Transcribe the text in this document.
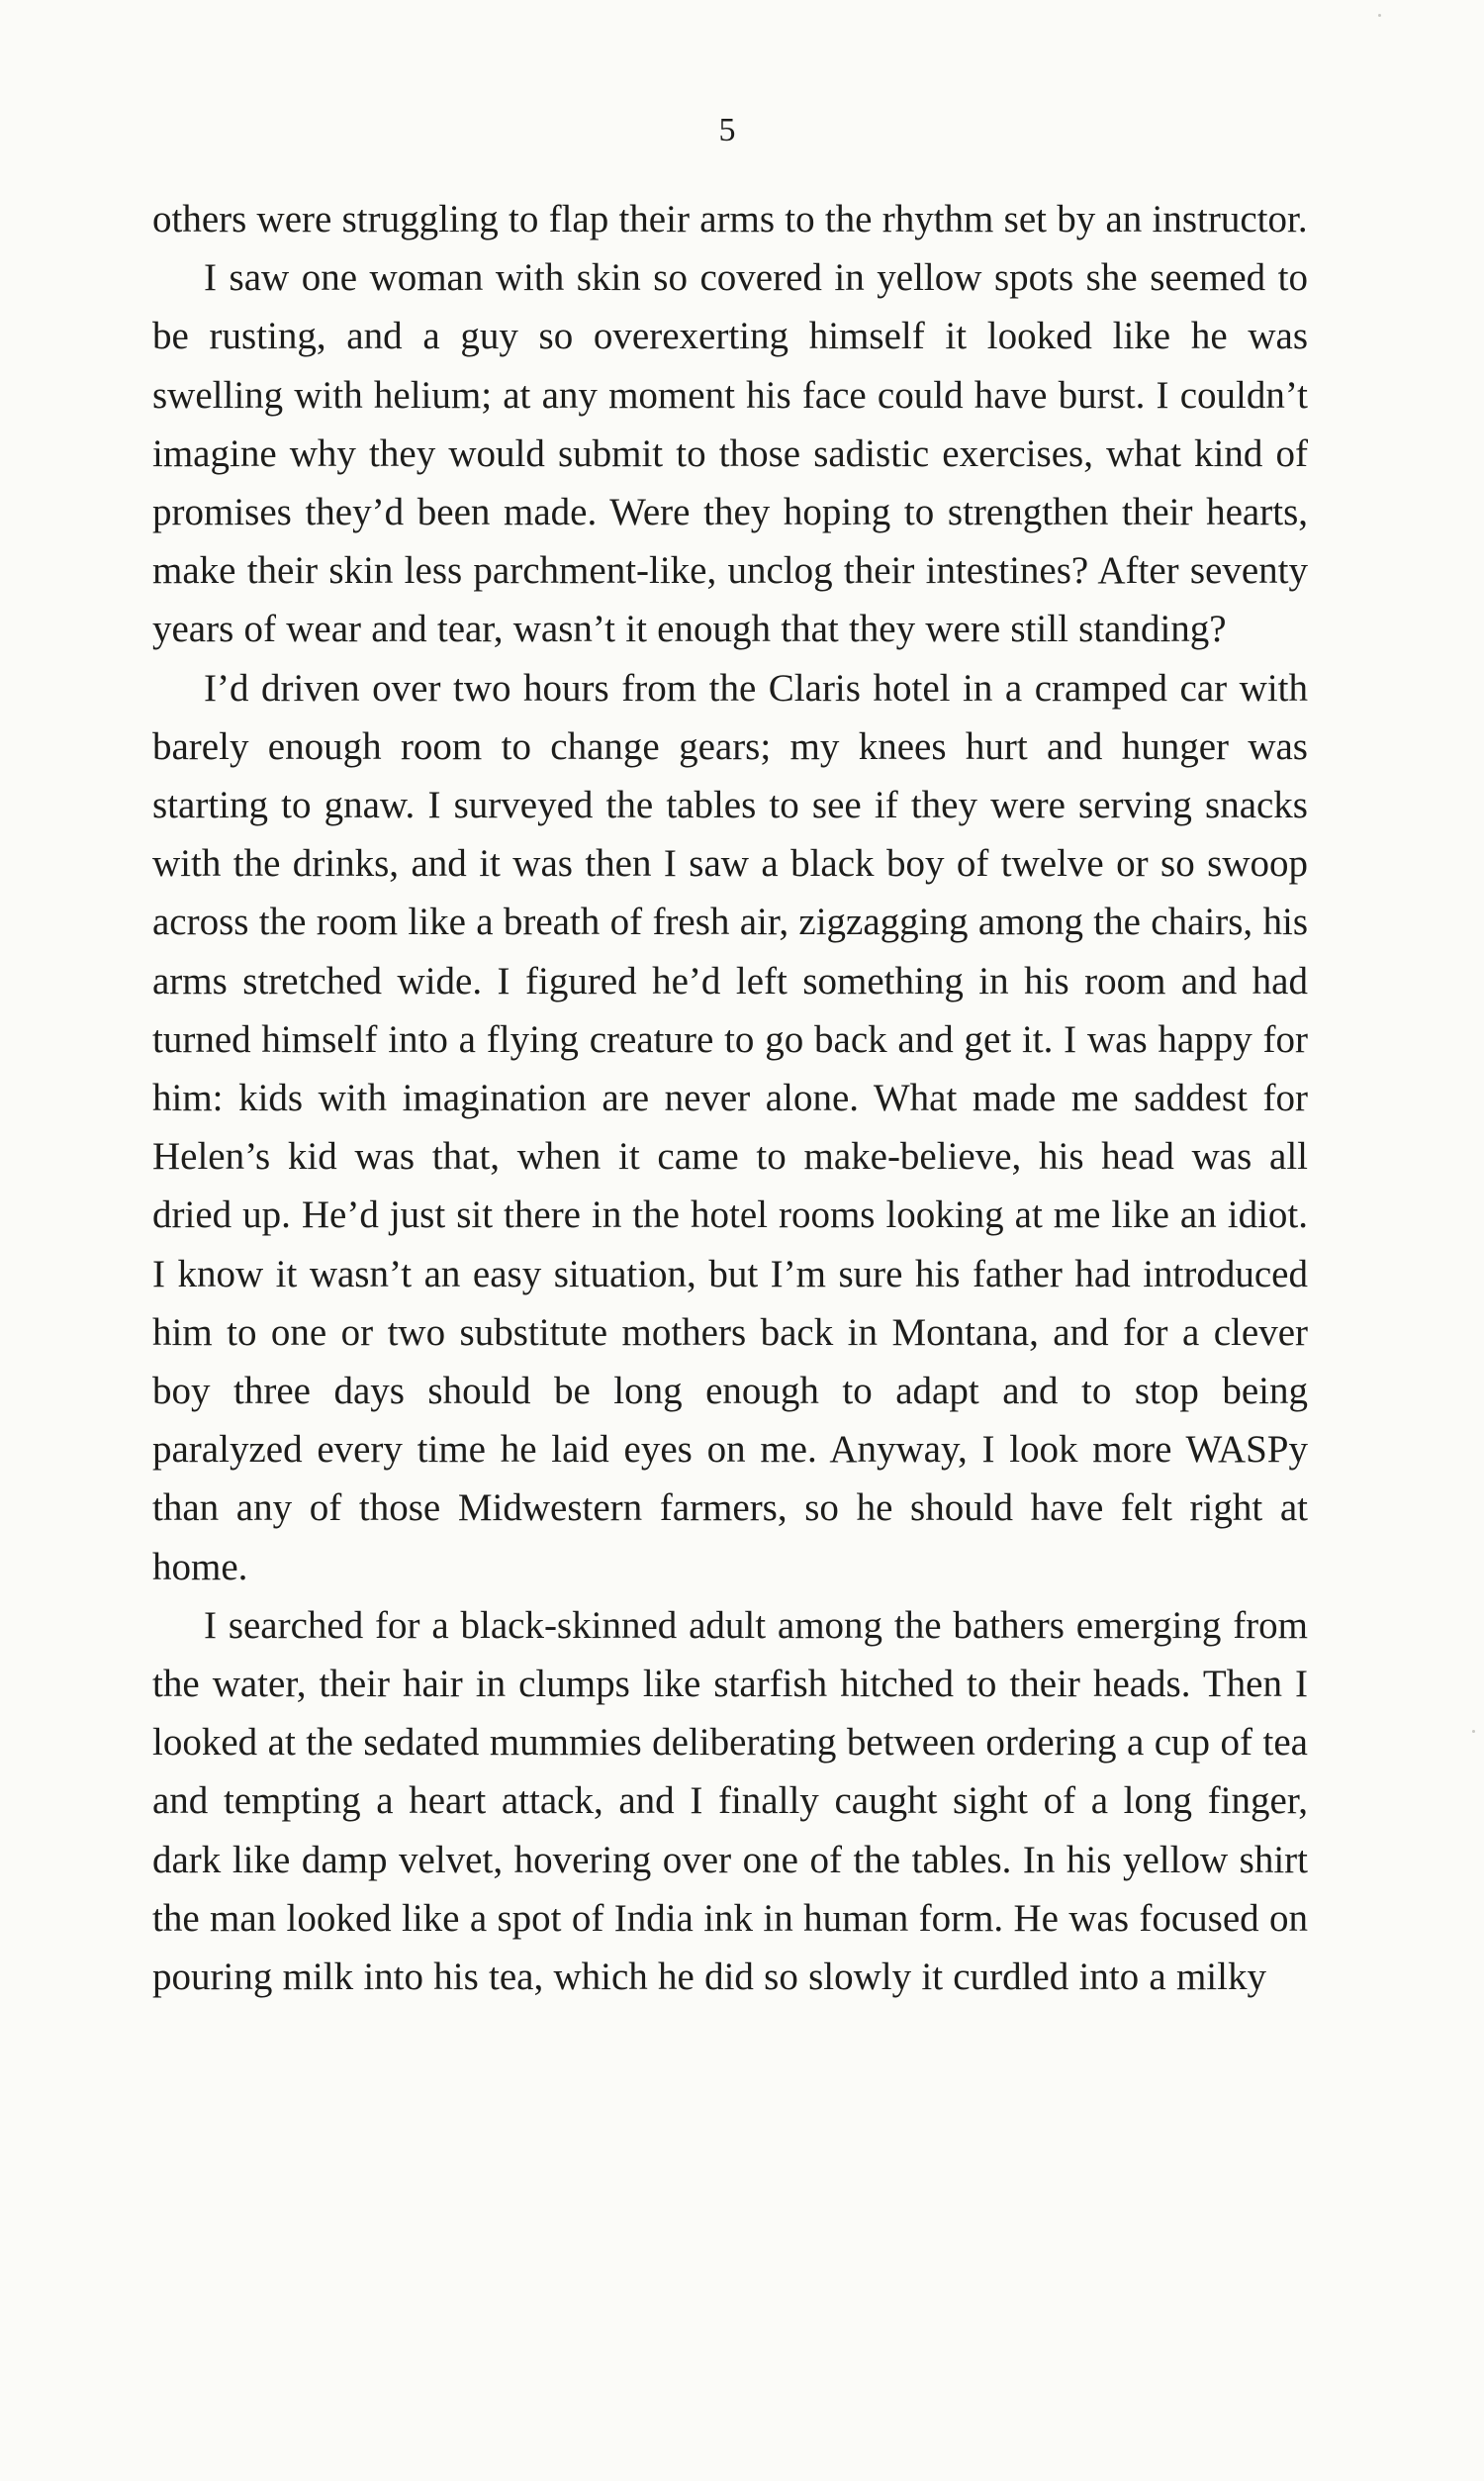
5

others were struggling to flap their arms to the rhythm set by an instructor.

I saw one woman with skin so covered in yellow spots she seemed to be rusting, and a guy so overexerting himself it looked like he was swelling with helium; at any moment his face could have burst. I couldn’t imagine why they would submit to those sadistic exercises, what kind of promises they’d been made. Were they hoping to strengthen their hearts, make their skin less parchment-like, unclog their intestines? After seventy years of wear and tear, wasn’t it enough that they were still standing?

I’d driven over two hours from the Claris hotel in a cramped car with barely enough room to change gears; my knees hurt and hunger was starting to gnaw. I surveyed the tables to see if they were serving snacks with the drinks, and it was then I saw a black boy of twelve or so swoop across the room like a breath of fresh air, zigzagging among the chairs, his arms stretched wide. I figured he’d left something in his room and had turned himself into a flying creature to go back and get it. I was happy for him: kids with imagination are never alone. What made me saddest for Helen’s kid was that, when it came to make-believe, his head was all dried up. He’d just sit there in the hotel rooms looking at me like an idiot. I know it wasn’t an easy situation, but I’m sure his father had introduced him to one or two substitute mothers back in Montana, and for a clever boy three days should be long enough to adapt and to stop being paralyzed every time he laid eyes on me. Anyway, I look more WASPy than any of those Midwestern farmers, so he should have felt right at home.

I searched for a black-skinned adult among the bathers emerging from the water, their hair in clumps like starfish hitched to their heads. Then I looked at the sedated mummies deliberating between ordering a cup of tea and tempting a heart attack, and I finally caught sight of a long finger, dark like damp velvet, hovering over one of the tables. In his yellow shirt the man looked like a spot of India ink in human form. He was focused on pouring milk into his tea, which he did so slowly it curdled into a milky
